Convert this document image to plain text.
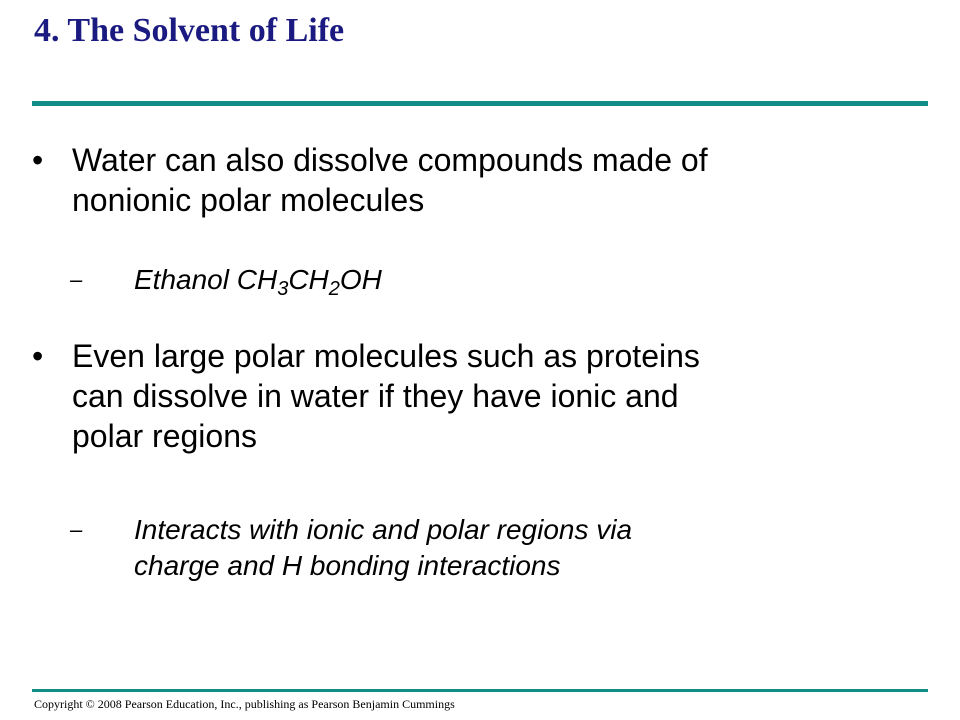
4. The Solvent of Life
• Water can also dissolve compounds made of
nonionic polar molecules
– Ethanol $CH_3CH_2OH$
• Even large polar molecules such as proteins
can dissolve in water if they have ionic and
polar regions
– Interacts with ionic and polar regions via
charge and H bonding interactions
Copyright © 2008 Pearson Education, Inc., publishing as Pearson Benjamin Cummings
